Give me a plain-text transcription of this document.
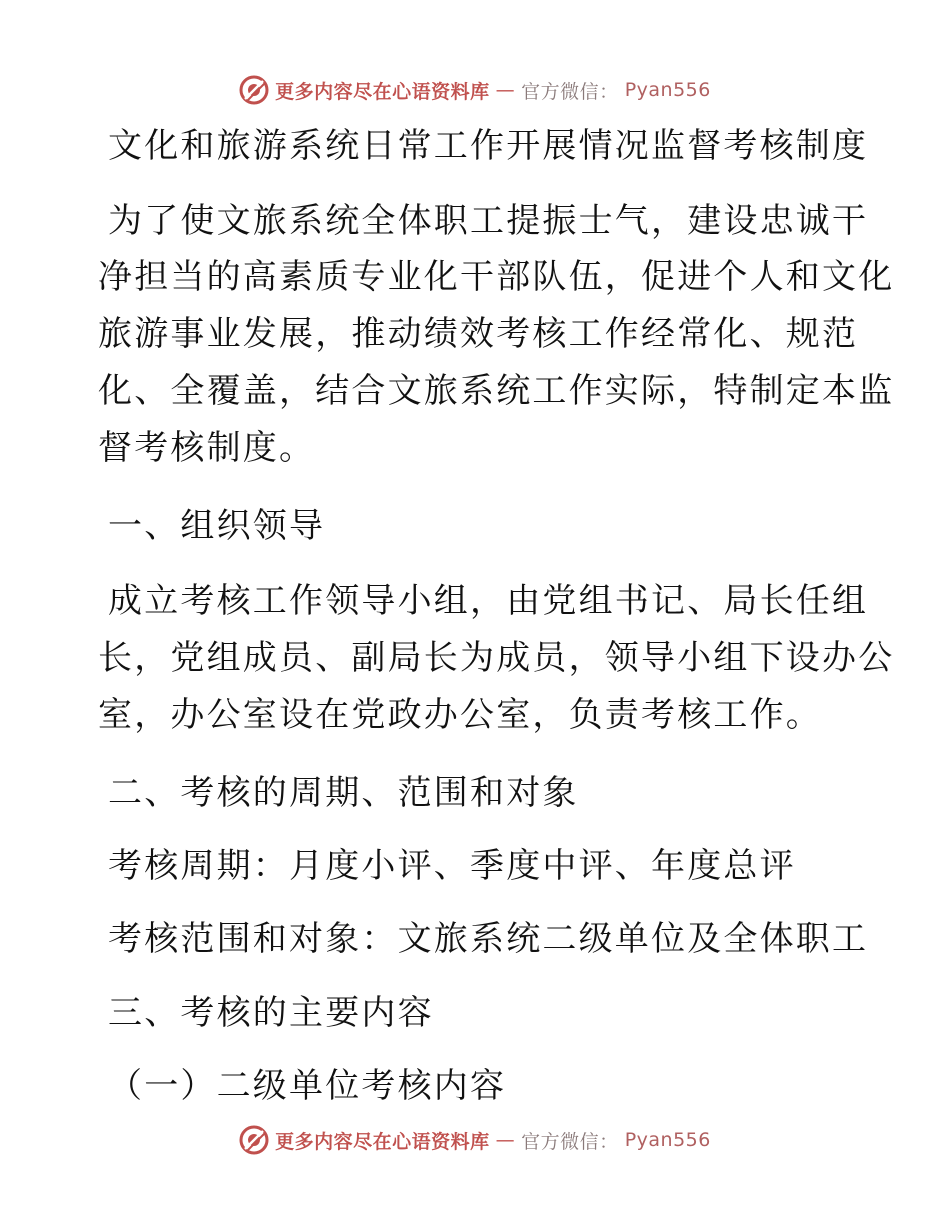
更多内容尽在心语资料库 — 官方微信： Pyan556
文化和旅游系统日常工作开展情况监督考核制度
为了使文旅系统全体职工提振士气，建设忠诚干
净担当的高素质专业化干部队伍，促进个人和文化
旅游事业发展，推动绩效考核工作经常化、规范
化、全覆盖，结合文旅系统工作实际，特制定本监
督考核制度。
一、组织领导
成立考核工作领导小组，由党组书记、局长任组
长，党组成员、副局长为成员，领导小组下设办公
室，办公室设在党政办公室，负责考核工作。
二、考核的周期、范围和对象
考核周期：月度小评、季度中评、年度总评
考核范围和对象：文旅系统二级单位及全体职工
三、考核的主要内容
（一）二级单位考核内容
更多内容尽在心语资料库 — 官方微信： Pyan556
